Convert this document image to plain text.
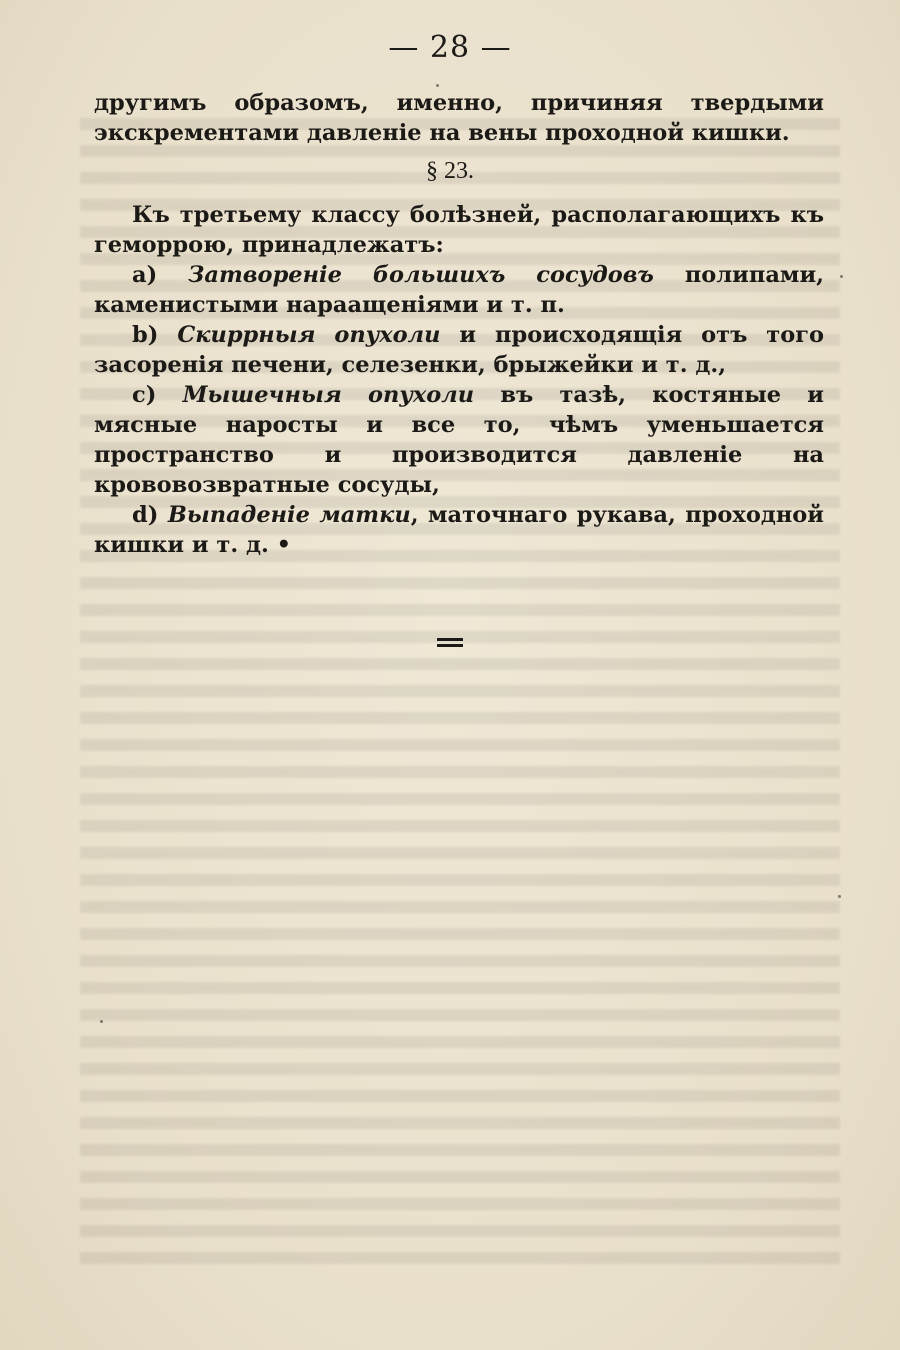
— 28 —
другимъ образомъ, именно, причиняя твердыми экскрементами давленіе на вены проходной кишки.
§ 23.

Къ третьему классу болѣзней, располагающихъ къ геморрою, принадлежатъ:

a) Затвореніе большихъ сосудовъ полипами, каменистыми нараащеніями и т. п.

b) Скиррныя опухоли и происходящія отъ того засоренія печени, селезенки, брыжейки и т. д.,

c) Мышечныя опухоли въ тазѣ, костяные и мясные наросты и все то, чѣмъ уменьшается пространство и производится давленіе на крововозвратные сосуды,

d) Выпаденіе матки, маточнаго рукава, проходной кишки и т. д. •
